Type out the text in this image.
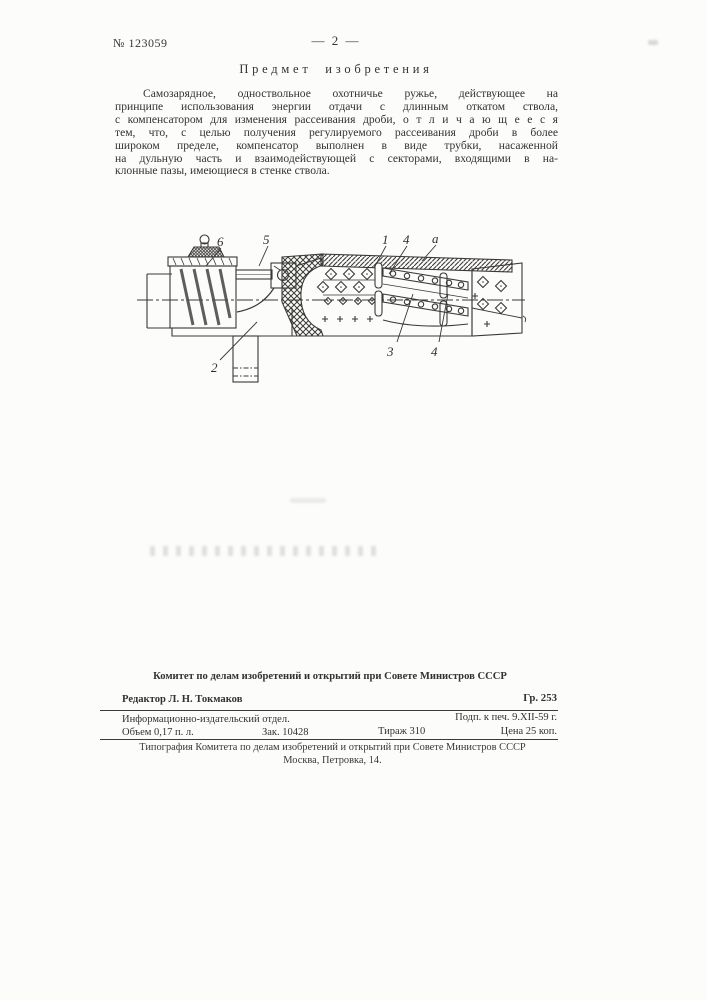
№ 123059	— 2 —
Предмет изобретения
Самозарядное, одноствольное охотничье ружье, действующее на
принципе использования энергии отдачи с длинным откатом ствола,
с компенсатором для изменения рассеивания дроби, о т л и ч а ю щ е е с я
тем, что, с целью получения регулируемого рассеивания дроби в более
широком пределе, компенсатор выполнен в виде трубки, насаженной
на дульную часть и взаимодействующей с секторами, входящими в на-
клонные пазы, имеющиеся в стенке ствола.
6	5	1 4 а
3	4
2
Комитет по делам изобретений и открытий при Совете Министров СССР
Редактор Л. Н. Токмаков	Гр. 253
Информационно-издательский отдел.	Подп. к печ. 9.XII-59 г.
Объем 0,17 п. л.	Зак. 10428	Тираж 310	Цена 25 коп.
Типография Комитета по делам изобретений и открытий при Совете Министров СССР
Москва, Петровка, 14.
